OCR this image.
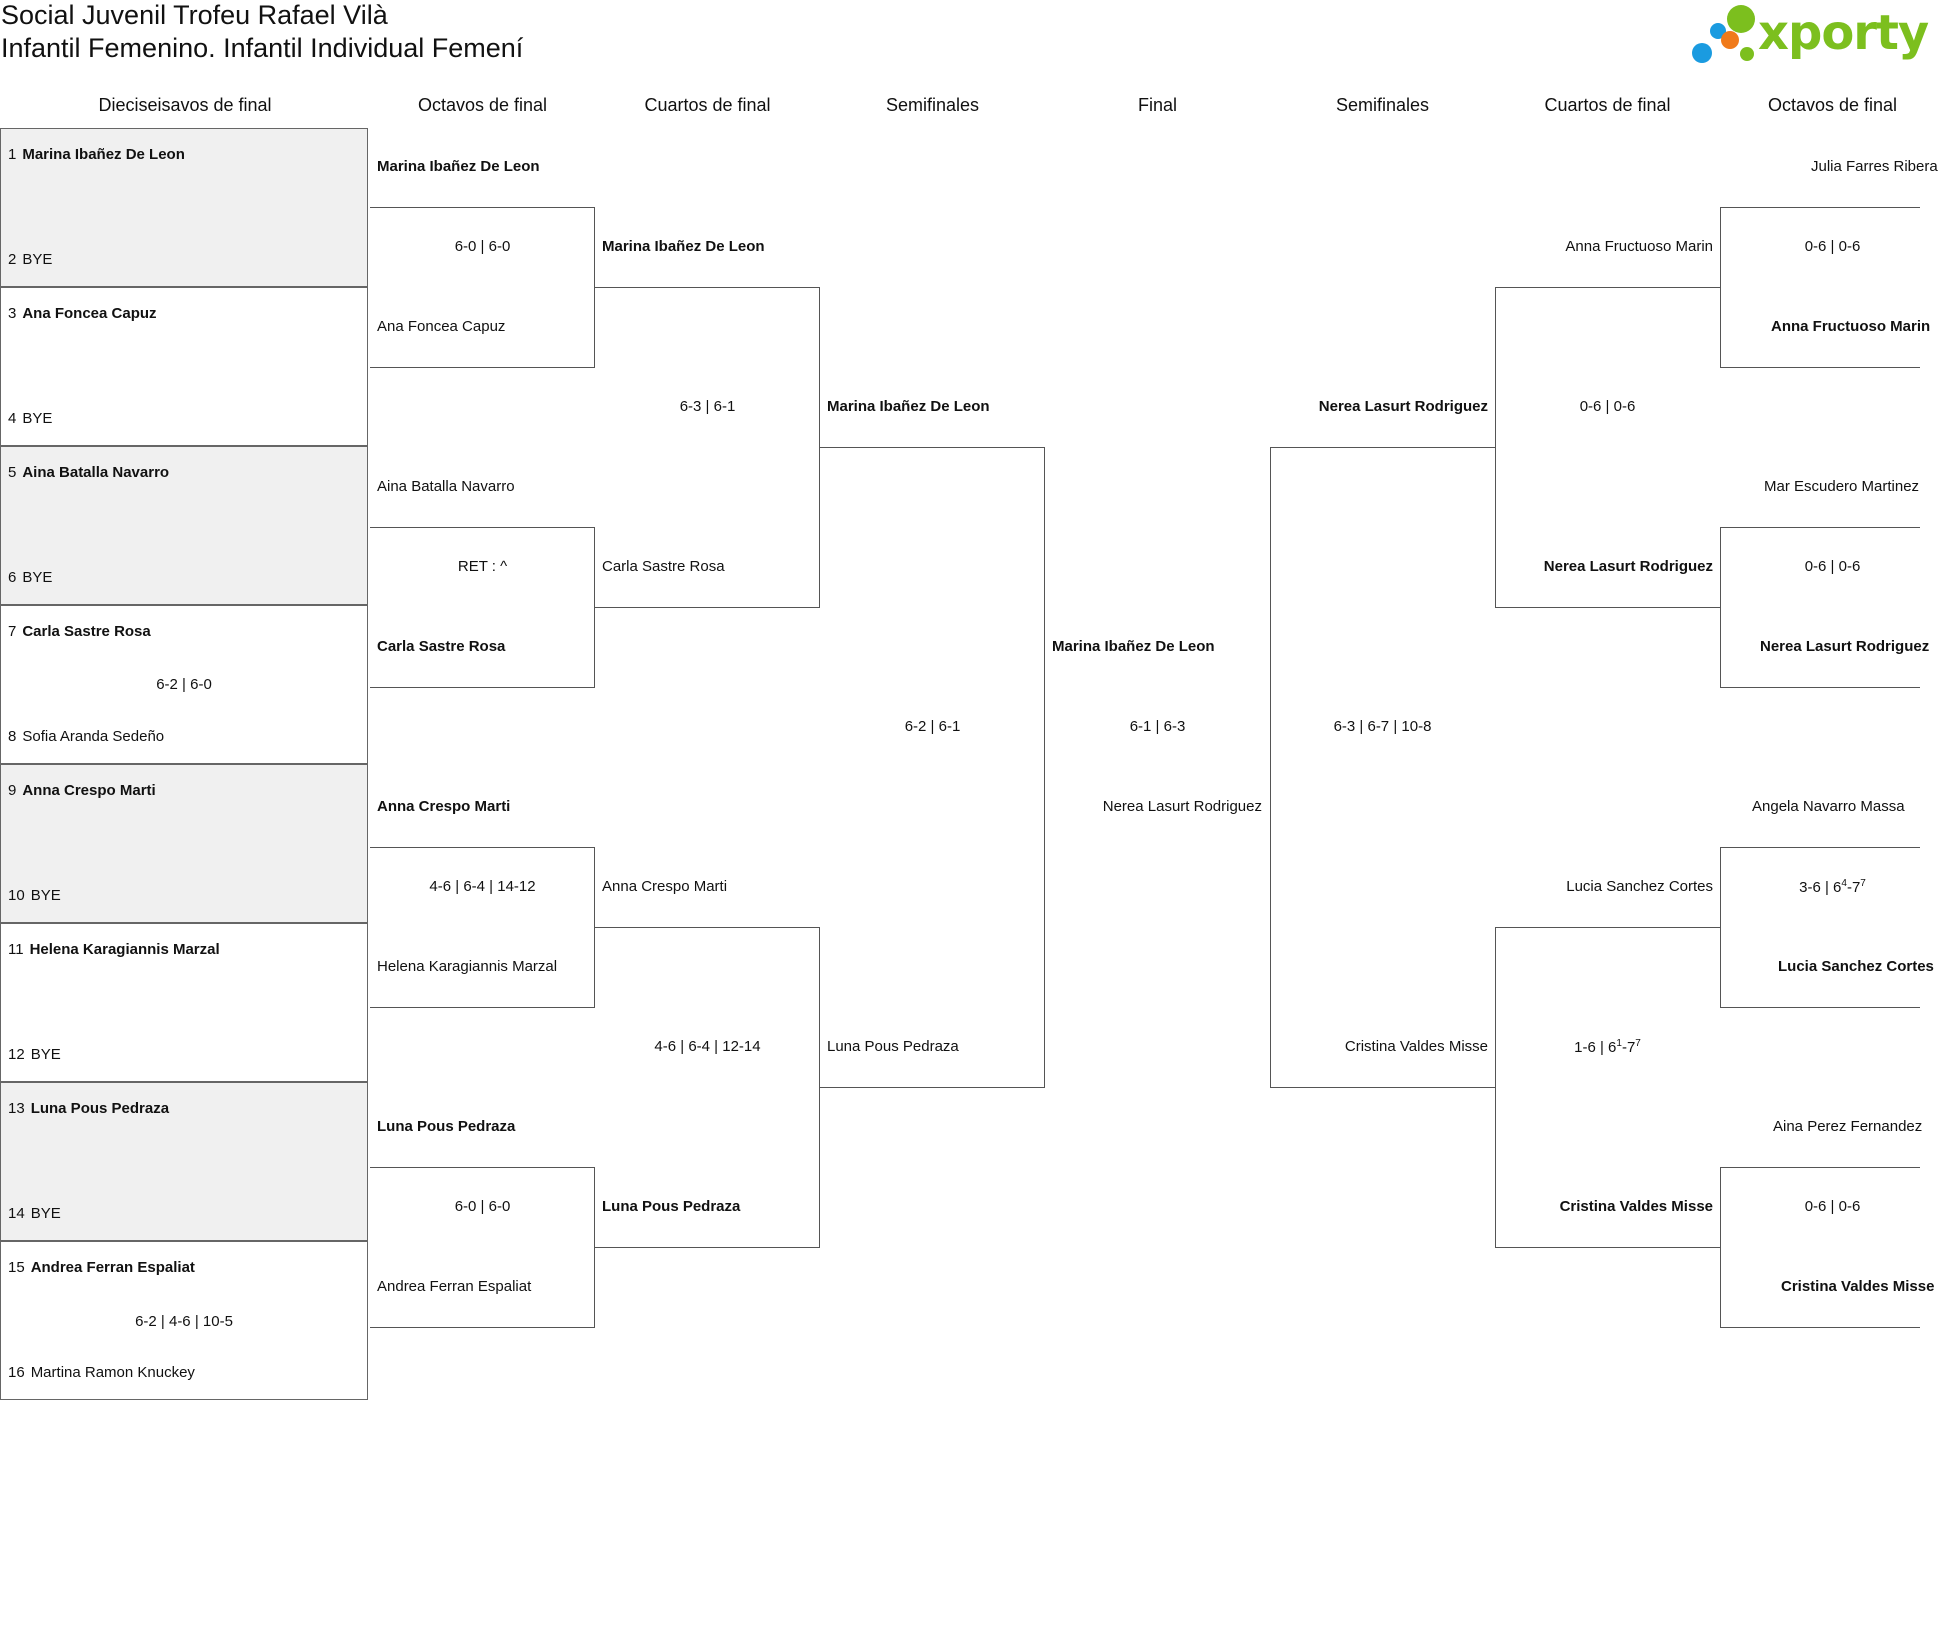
Social Juvenil Trofeu Rafael Vilà
Infantil Femenino. Infantil Individual Femení	xporty
Dieciseisavos de final	Octavos de final	Cuartos de final	Semifinales	Final	Semifinales	Cuartos de final	Octavos de final
1 Marina Ibañez De Leon
2 BYE
3 Ana Foncea Capuz
4 BYE
5 Aina Batalla Navarro
6 BYE
7 Carla Sastre Rosa
6-2 | 6-0
8 Sofia Aranda Sedeño
9 Anna Crespo Marti
10 BYE
11 Helena Karagiannis Marzal
12 BYE
13 Luna Pous Pedraza
14 BYE
15 Andrea Ferran Espaliat
6-2 | 4-6 | 10-5
16 Martina Ramon Knuckey
Marina Ibañez De Leon
6-0 | 6-0
Ana Foncea Capuz
Aina Batalla Navarro
RET : ^
Carla Sastre Rosa
Anna Crespo Marti
4-6 | 6-4 | 14-12
Helena Karagiannis Marzal
Luna Pous Pedraza
6-0 | 6-0
Andrea Ferran Espaliat
Marina Ibañez De Leon
6-3 | 6-1
Carla Sastre Rosa
Anna Crespo Marti
4-6 | 6-4 | 12-14
Luna Pous Pedraza
Marina Ibañez De Leon
6-2 | 6-1
Luna Pous Pedraza
Marina Ibañez De Leon
6-1 | 6-3
Nerea Lasurt Rodriguez
Nerea Lasurt Rodriguez
6-3 | 6-7 | 10-8
Cristina Valdes Misse
Anna Fructuoso Marin
0-6 | 0-6
Nerea Lasurt Rodriguez
Lucia Sanchez Cortes
1-6 | $6^1-7^7$
Cristina Valdes Misse
Julia Farres Ribera
0-6 | 0-6
Anna Fructuoso Marin
Mar Escudero Martinez
0-6 | 0-6
Nerea Lasurt Rodriguez
Angela Navarro Massa
3-6 | $6^4-7^7$
Lucia Sanchez Cortes
Aina Perez Fernandez
0-6 | 0-6
Cristina Valdes Misse
